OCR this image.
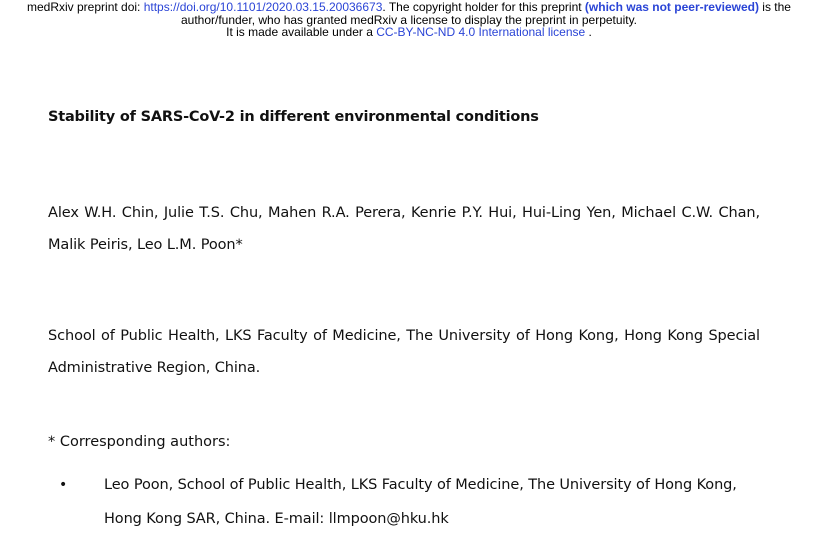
medRxiv preprint doi: https://doi.org/10.1101/2020.03.15.20036673. The copyright holder for this preprint (which was not peer-reviewed) is the
author/funder, who has granted medRxiv a license to display the preprint in perpetuity.
It is made available under a CC-BY-NC-ND 4.0 International license .
Stability of SARS-CoV-2 in different environmental conditions
Alex W.H. Chin, Julie T.S. Chu, Mahen R.A. Perera, Kenrie P.Y. Hui, Hui-Ling Yen, Michael C.W. Chan, Malik Peiris, Leo L.M. Poon*
School of Public Health, LKS Faculty of Medicine, The University of Hong Kong, Hong Kong Special Administrative Region, China.
* Corresponding authors:
•	Leo Poon, School of Public Health, LKS Faculty of Medicine, The University of Hong Kong, Hong Kong SAR, China. E-mail: llmpoon@hku.hk
